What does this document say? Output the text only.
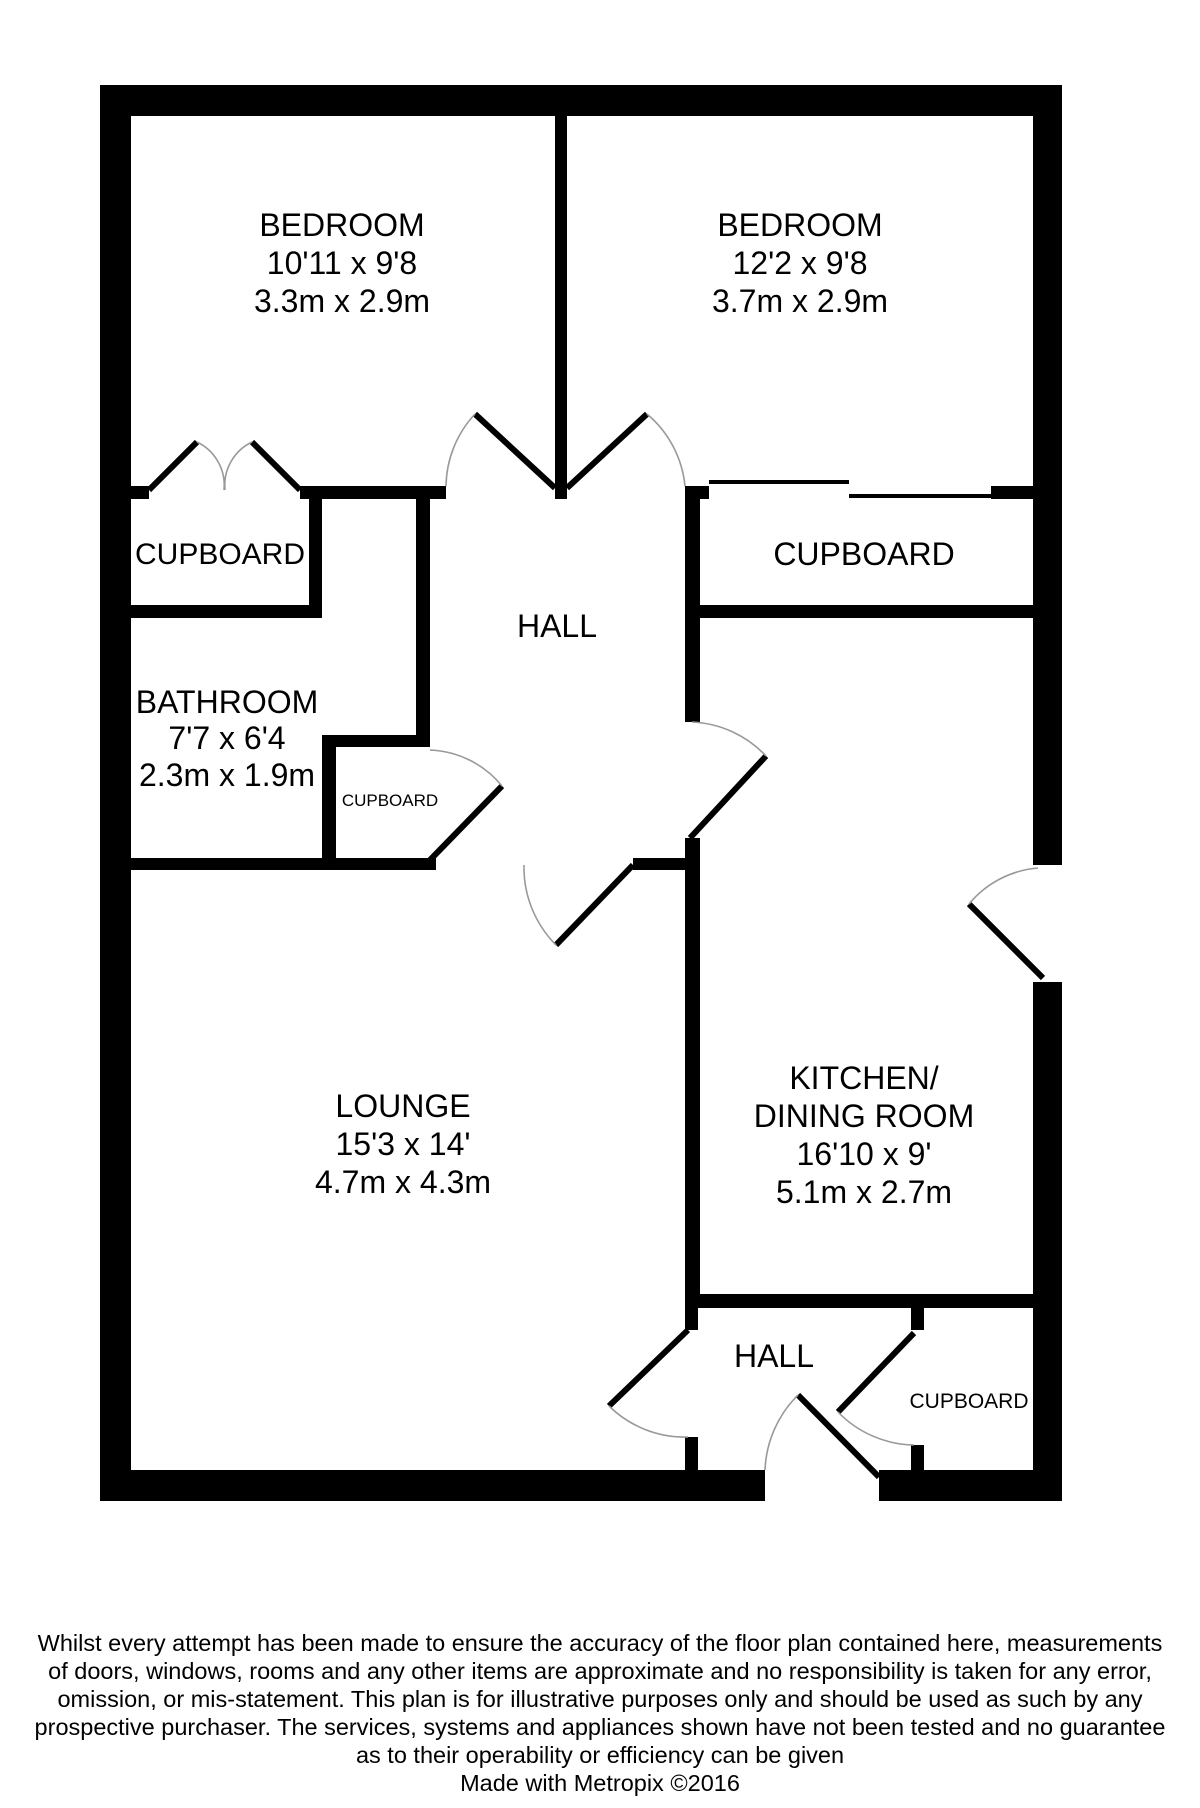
BEDROOM
10'11 x 9'8
3.3m x 2.9m
BEDROOM
12'2 x 9'8
3.7m x 2.9m
CUPBOARD	CUPBOARD
HALL
BATHROOM
7'7 x 6'4
2.3m x 1.9m
CUPBOARD
LOUNGE
15'3 x 14'
4.7m x 4.3m
KITCHEN/
DINING ROOM
16'10 x 9'
5.1m x 2.7m
HALL
CUPBOARD
Whilst every attempt has been made to ensure the accuracy of the floor plan contained here, measurements
of doors, windows, rooms and any other items are approximate and no responsibility is taken for any error,
omission, or mis-statement. This plan is for illustrative purposes only and should be used as such by any
prospective purchaser. The services, systems and appliances shown have not been tested and no guarantee
as to their operability or efficiency can be given
Made with Metropix ©2016
